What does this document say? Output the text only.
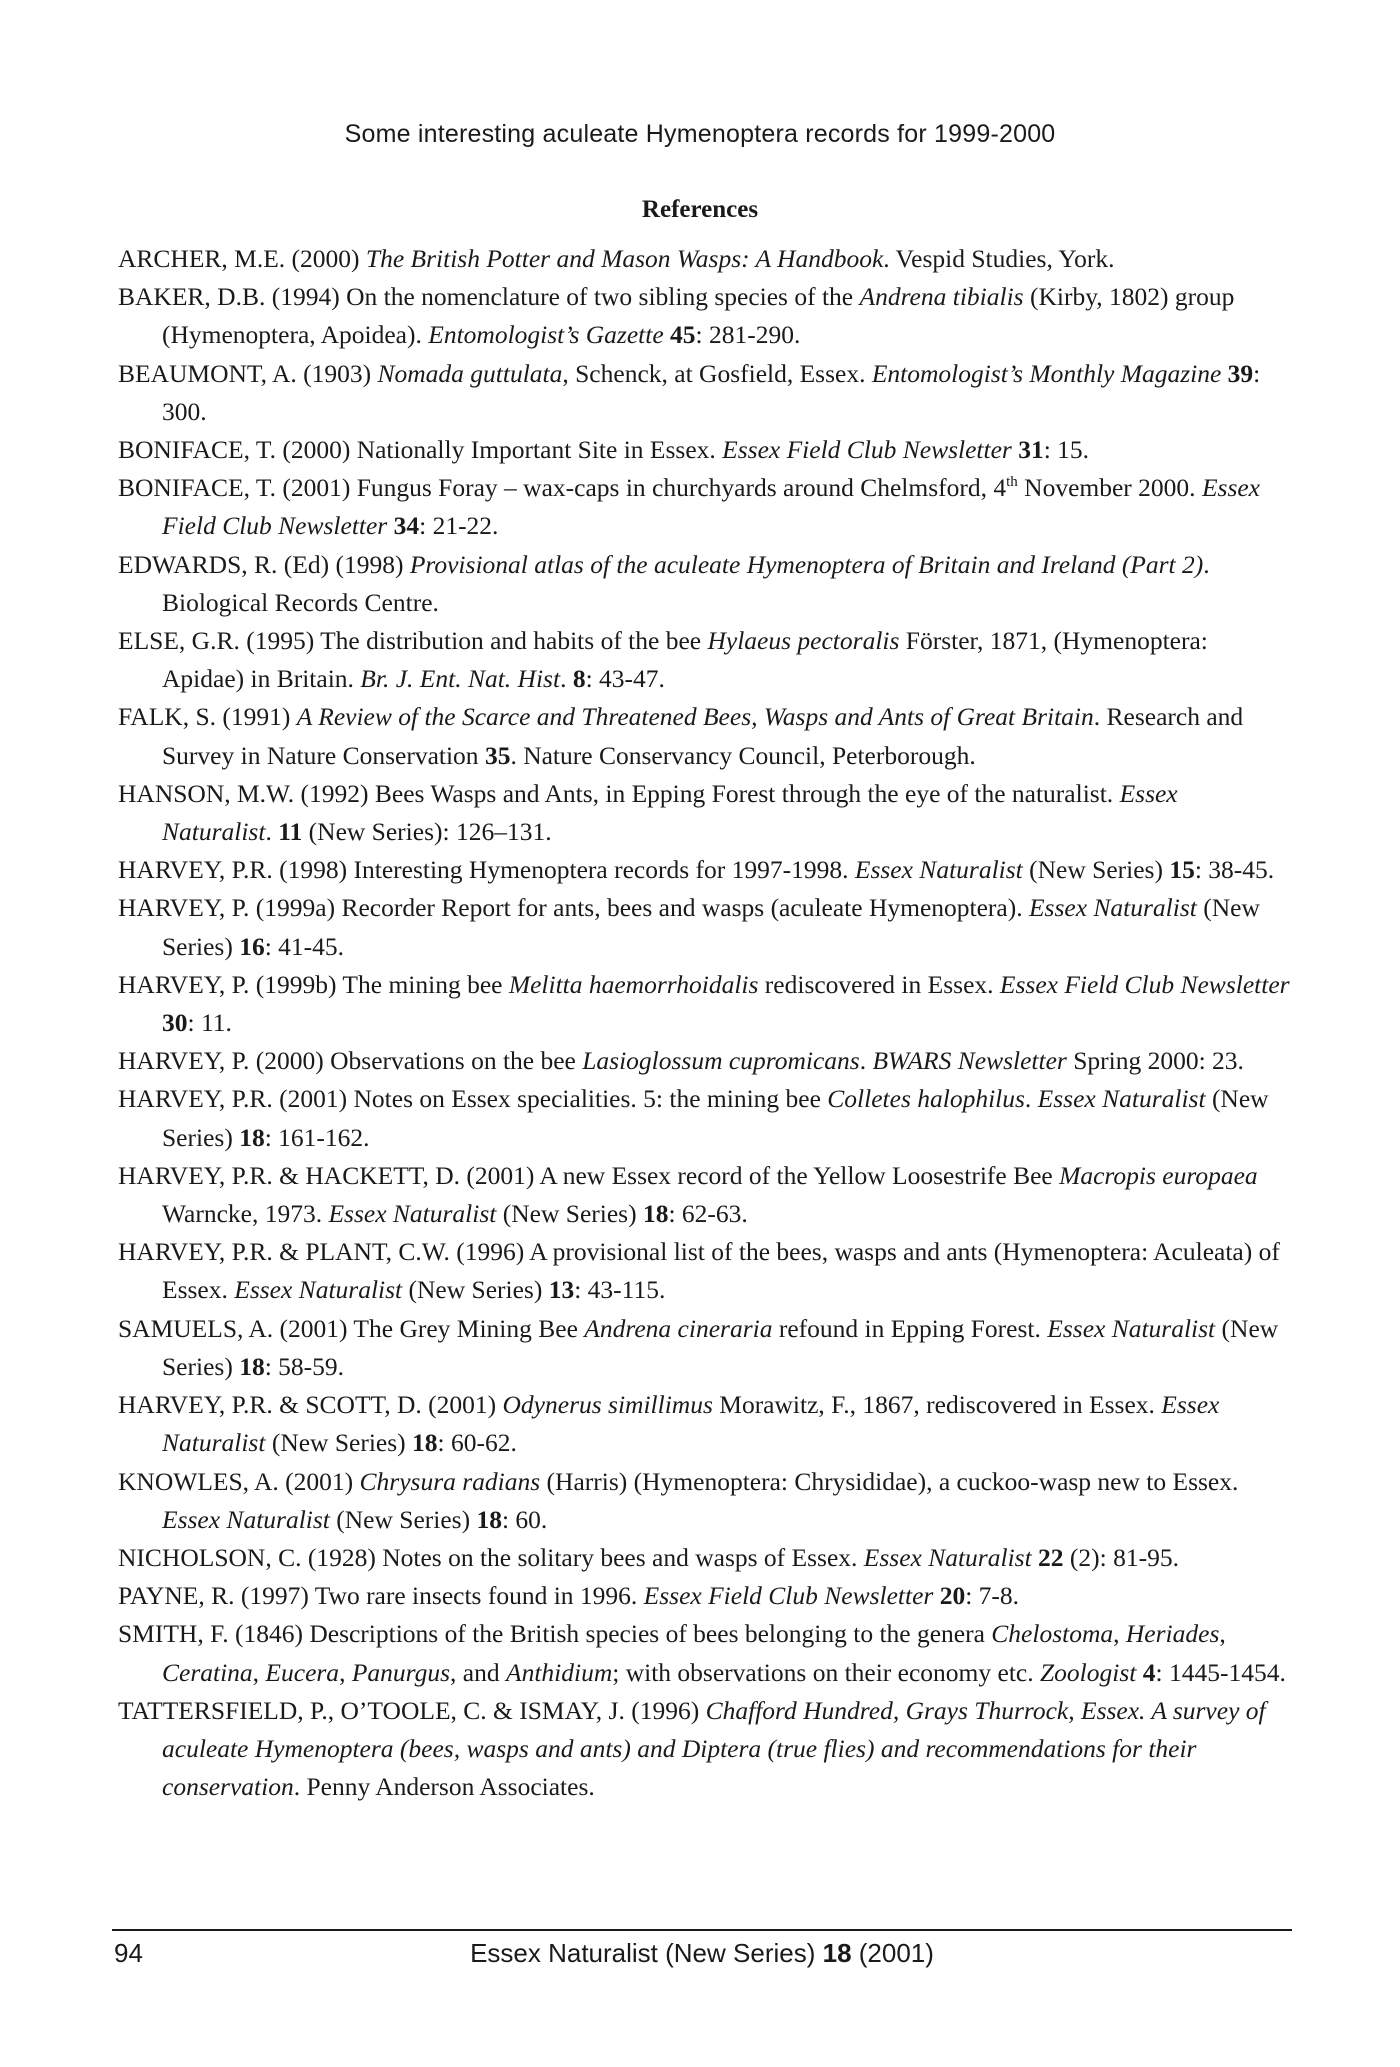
Some interesting aculeate Hymenoptera records for 1999-2000
References

ARCHER, M.E. (2000) The British Potter and Mason Wasps: A Handbook. Vespid Studies, York.

BAKER, D.B. (1994) On the nomenclature of two sibling species of the Andrena tibialis (Kirby, 1802) group (Hymenoptera, Apoidea). Entomologist’s Gazette 45: 281-290.

BEAUMONT, A. (1903) Nomada guttulata, Schenck, at Gosfield, Essex. Entomologist’s Monthly Magazine 39: 300.

BONIFACE, T. (2000) Nationally Important Site in Essex. Essex Field Club Newsletter 31: 15.

BONIFACE, T. (2001) Fungus Foray – wax-caps in churchyards around Chelmsford, 4th November 2000. Essex Field Club Newsletter 34: 21-22.

EDWARDS, R. (Ed) (1998) Provisional atlas of the aculeate Hymenoptera of Britain and Ireland (Part 2). Biological Records Centre.

ELSE, G.R. (1995) The distribution and habits of the bee Hylaeus pectoralis Förster, 1871, (Hymenoptera: Apidae) in Britain. Br. J. Ent. Nat. Hist. 8: 43-47.

FALK, S. (1991) A Review of the Scarce and Threatened Bees, Wasps and Ants of Great Britain. Research and Survey in Nature Conservation 35. Nature Conservancy Council, Peterborough.

HANSON, M.W. (1992) Bees Wasps and Ants, in Epping Forest through the eye of the naturalist. Essex Naturalist. 11 (New Series): 126–131.

HARVEY, P.R. (1998) Interesting Hymenoptera records for 1997-1998. Essex Naturalist (New Series) 15: 38-45.

HARVEY, P. (1999a) Recorder Report for ants, bees and wasps (aculeate Hymenoptera). Essex Naturalist (New Series) 16: 41-45.

HARVEY, P. (1999b) The mining bee Melitta haemorrhoidalis rediscovered in Essex. Essex Field Club Newsletter 30: 11.

HARVEY, P. (2000) Observations on the bee Lasioglossum cupromicans. BWARS Newsletter Spring 2000: 23.

HARVEY, P.R. (2001) Notes on Essex specialities. 5: the mining bee Colletes halophilus. Essex Naturalist (New Series) 18: 161-162.

HARVEY, P.R. & HACKETT, D. (2001) A new Essex record of the Yellow Loosestrife Bee Macropis europaea Warncke, 1973. Essex Naturalist (New Series) 18: 62-63.

HARVEY, P.R. & PLANT, C.W. (1996) A provisional list of the bees, wasps and ants (Hymenoptera: Aculeata) of Essex. Essex Naturalist (New Series) 13: 43-115.

SAMUELS, A. (2001) The Grey Mining Bee Andrena cineraria refound in Epping Forest. Essex Naturalist (New Series) 18: 58-59.

HARVEY, P.R. & SCOTT, D. (2001) Odynerus simillimus Morawitz, F., 1867, rediscovered in Essex. Essex Naturalist (New Series) 18: 60-62.

KNOWLES, A. (2001) Chrysura radians (Harris) (Hymenoptera: Chrysididae), a cuckoo-wasp new to Essex. Essex Naturalist (New Series) 18: 60.

NICHOLSON, C. (1928) Notes on the solitary bees and wasps of Essex. Essex Naturalist 22 (2): 81-95.

PAYNE, R. (1997) Two rare insects found in 1996. Essex Field Club Newsletter 20: 7-8.

SMITH, F. (1846) Descriptions of the British species of bees belonging to the genera Chelostoma, Heriades, Ceratina, Eucera, Panurgus, and Anthidium; with observations on their economy etc. Zoologist 4: 1445-1454.

TATTERSFIELD, P., O’TOOLE, C. & ISMAY, J. (1996) Chafford Hundred, Grays Thurrock, Essex. A survey of aculeate Hymenoptera (bees, wasps and ants) and Diptera (true flies) and recommendations for their conservation. Penny Anderson Associates.

94	Essex Naturalist (New Series) 18 (2001)
